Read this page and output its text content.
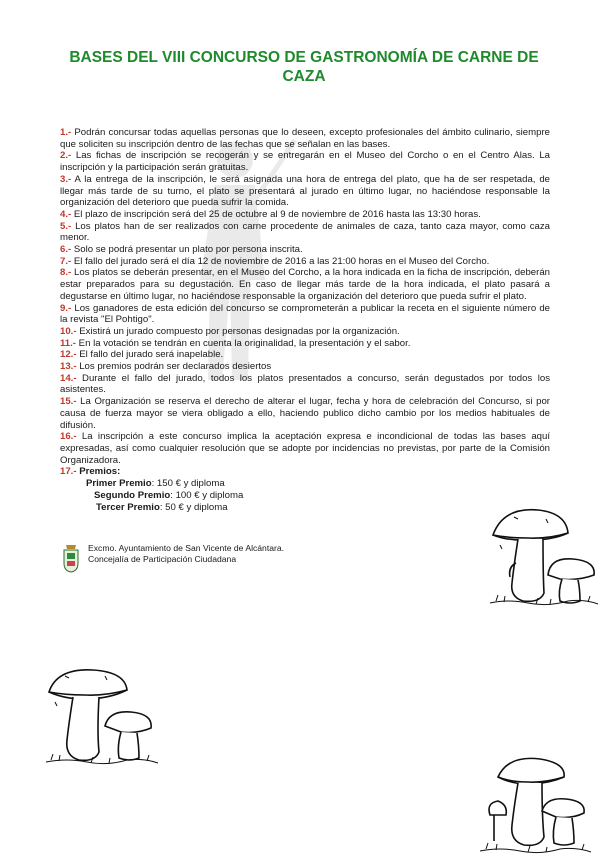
BASES DEL VIII CONCURSO DE GASTRONOMÍA DE CARNE DE CAZA
1.- Podrán concursar todas aquellas personas que lo deseen, excepto profesionales del ámbito culinario, siempre que soliciten su inscripción dentro de las fechas que se señalan en las bases.
2.- Las fichas de inscripción se recogerán y se entregarán en el Museo del Corcho o en el Centro Alas. La inscripción y la participación serán gratuitas.
3.- A la entrega de la inscripción, le será asignada una hora de entrega del plato, que ha de ser respetada, de llegar más tarde de su turno, el plato se presentará al jurado en último lugar, no haciéndose responsable la organización del deterioro que pueda sufrir la comida.
4.- El plazo de inscripción será del 25 de octubre al 9 de noviembre de 2016 hasta las 13:30 horas.
5.- Los platos han de ser realizados con carne procedente de animales de caza, tanto caza mayor, como caza menor.
6.- Solo se podrá presentar un plato por persona inscrita.
7.- El fallo del jurado será el día 12 de noviembre de 2016 a las 21:00 horas en el Museo del Corcho.
8.- Los platos se deberán presentar, en el Museo del Corcho, a la hora indicada en la ficha de inscripción, deberán estar preparados para su degustación. En caso de llegar más tarde de la hora indicada, el plato pasará a degustarse en último lugar, no haciéndose responsable la organización del deterioro que pueda sufrir el plato.
9.- Los ganadores de esta edición del concurso se comprometerán a publicar la receta en el siguiente número de la revista "El Pohtigo".
10.- Existirá un jurado compuesto por personas designadas por la organización.
11.- En la votación se tendrán en cuenta la originalidad, la presentación y el sabor.
12.- El fallo del jurado será inapelable.
13.- Los premios podrán ser declarados desiertos
14.- Durante el fallo del jurado, todos los platos presentados a concurso, serán degustados por todos los asistentes.
15.- La Organización se reserva el derecho de alterar el lugar, fecha y hora de celebración del Concurso, si por causa de fuerza mayor se viera obligado a ello, haciendo publico dicho cambio por los medios habituales de difusión.
16.- La inscripción a este concurso implica la aceptación expresa e incondicional de todas las bases aquí expresadas, así como cualquier resolución que se adopte por incidencias no previstas, por parte de la Comisión Organizadora.
17.- Premios:
Primer Premio: 150 € y diploma
Segundo Premio: 100 € y diploma
Tercer Premio: 50 € y diploma
Excmo. Ayuntamiento de San Vicente de Alcántara.
Concejalía de Participación Ciudadana
